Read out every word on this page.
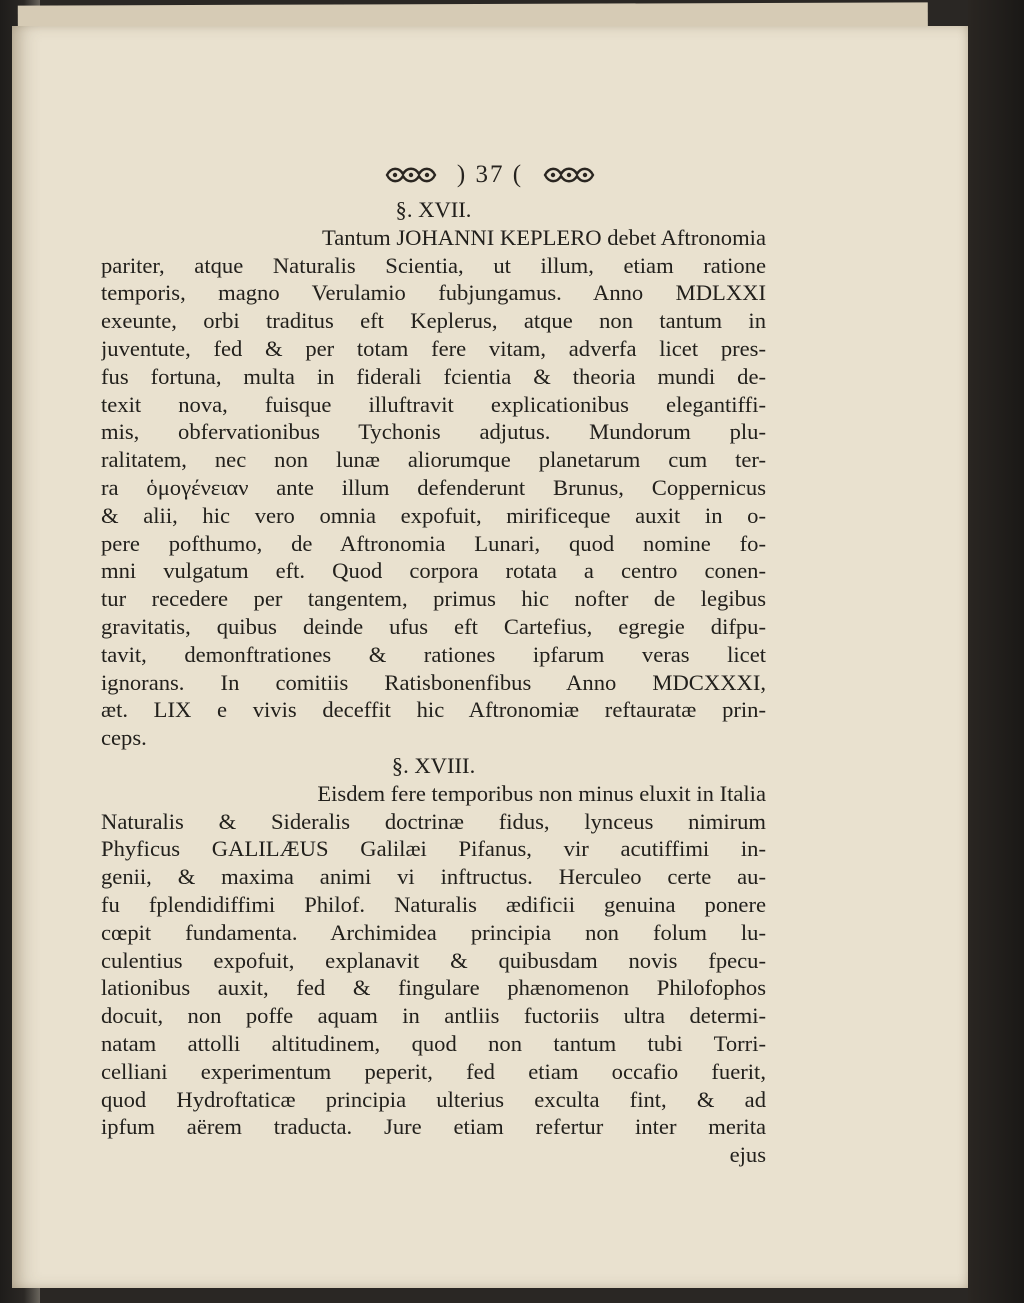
) 37 (
§. XVII.
Tantum JOHANNI KEPLERO debet Aftronomia
pariter, atque Naturalis Scientia, ut illum, etiam ratione
temporis, magno Verulamio fubjungamus. Anno MDLXXI
exeunte, orbi traditus eft Keplerus, atque non tantum in
juventute, fed & per totam fere vitam, adverfa licet pres-
fus fortuna, multa in fiderali fcientia & theoria mundi de-
texit nova, fuisque illuftravit explicationibus elegantiffi-
mis, obfervationibus Tychonis adjutus. Mundorum plu-
ralitatem, nec non lunæ aliorumque planetarum cum ter-
ra ὁμογένειαν ante illum defenderunt Brunus, Coppernicus
& alii, hic vero omnia expofuit, mirificeque auxit in o-
pere pofthumo, de Aftronomia Lunari, quod nomine fo-
mni vulgatum eft. Quod corpora rotata a centro conen-
tur recedere per tangentem, primus hic nofter de legibus
gravitatis, quibus deinde ufus eft Cartefius, egregie difpu-
tavit, demonftrationes & rationes ipfarum veras licet
ignorans. In comitiis Ratisbonenfibus Anno MDCXXXI,
æt. LIX e vivis deceffit hic Aftronomiæ reftauratæ prin-
ceps.
§. XVIII.
Eisdem fere temporibus non minus eluxit in Italia
Naturalis & Sideralis doctrinæ fidus, lynceus nimirum
Phyficus GALILÆUS Galilæi Pifanus, vir acutiffimi in-
genii, & maxima animi vi inftructus. Herculeo certe au-
fu fplendidiffimi Philof. Naturalis ædificii genuina ponere
cœpit fundamenta. Archimidea principia non folum lu-
culentius expofuit, explanavit & quibusdam novis fpecu-
lationibus auxit, fed & fingulare phænomenon Philofophos
docuit, non poffe aquam in antliis fuctoriis ultra determi-
natam attolli altitudinem, quod non tantum tubi Torri-
celliani experimentum peperit, fed etiam occafio fuerit,
quod Hydroftaticæ principia ulterius exculta fint, & ad
ipfum aërem traducta. Jure etiam refertur inter merita
ejus
